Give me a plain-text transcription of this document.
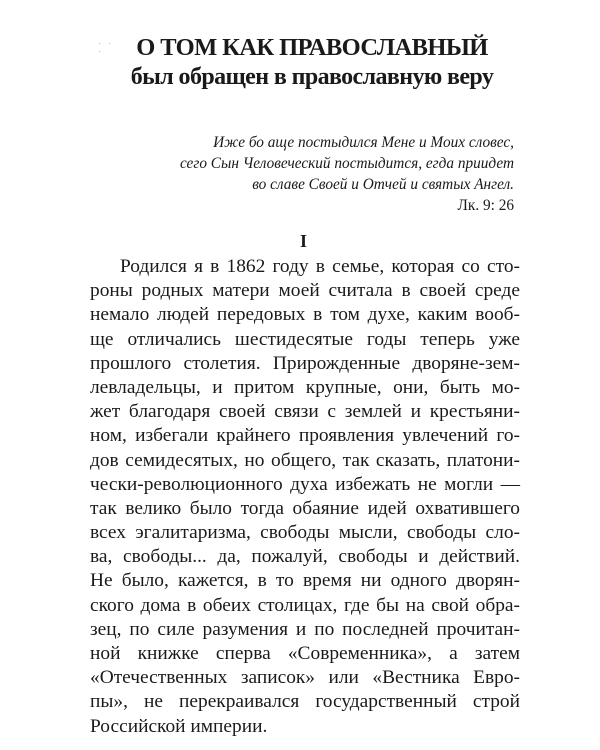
· · ·	О ТОМ КАК ПРАВОСЛАВНЫЙ
был обращен в православную веру
Иже бо аще постыдился Мене и Моих словес,
сего Сын Человеческий постыдится, егда приидет
во славе Своей и Отчей и святых Ангел.
Лк. 9: 26
I
Родился я в 1862 году в семье, которая со сто-
роны родных матери моей считала в своей среде
немало людей передовых в том духе, каким вооб-
ще отличались шестидесятые годы теперь уже
прошлого столетия. Прирожденные дворяне-зем-
левладельцы, и притом крупные, они, быть мо-
жет благодаря своей связи с землей и крестьяни-
ном, избегали крайнего проявления увлечений го-
дов семидесятых, но общего, так сказать, платони-
чески-революционного духа избежать не могли —
так велико было тогда обаяние идей охватившего
всех эгалитаризма, свободы мысли, свободы сло-
ва, свободы... да, пожалуй, свободы и действий.
Не было, кажется, в то время ни одного дворян-
ского дома в обеих столицах, где бы на свой обра-
зец, по силе разумения и по последней прочитан-
ной книжке сперва «Современника», а затем
«Отечественных записок» или «Вестника Евро-
пы», не перекраивался государственный строй
Российской империи.
